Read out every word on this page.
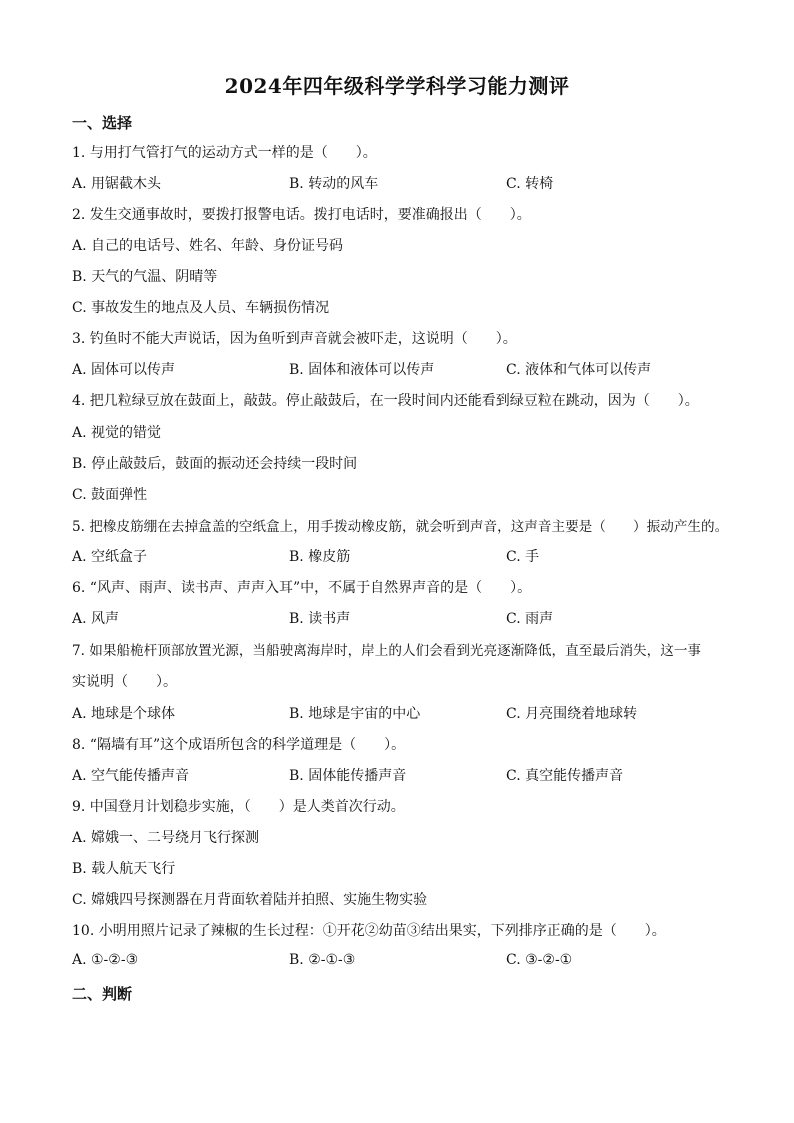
2024年四年级科学学科学习能力测评
一、选择
1. 与用打气管打气的运动方式一样的是（　　）。
A. 用锯截木头	B. 转动的风车	C. 转椅
2. 发生交通事故时，要拨打报警电话。拨打电话时，要准确报出（　　）。
A. 自己的电话号、姓名、年龄、身份证号码
B. 天气的气温、阴晴等
C. 事故发生的地点及人员、车辆损伤情况
3. 钓鱼时不能大声说话，因为鱼听到声音就会被吓走，这说明（　　）。
A. 固体可以传声	B. 固体和液体可以传声	C. 液体和气体可以传声
4. 把几粒绿豆放在鼓面上，敲鼓。停止敲鼓后，在一段时间内还能看到绿豆粒在跳动，因为（　　）。
A. 视觉的错觉
B. 停止敲鼓后，鼓面的振动还会持续一段时间
C. 鼓面弹性
5. 把橡皮筋绷在去掉盒盖的空纸盒上，用手拨动橡皮筋，就会听到声音，这声音主要是（　　）振动产生的。
A. 空纸盒子	B. 橡皮筋	C. 手
6. “风声、雨声、读书声、声声入耳”中，不属于自然界声音的是（　　）。
A. 风声	B. 读书声	C. 雨声
7. 如果船桅杆顶部放置光源，当船驶离海岸时，岸上的人们会看到光亮逐渐降低，直至最后消失，这一事
实说明（　　）。
A. 地球是个球体	B. 地球是宇宙的中心	C. 月亮围绕着地球转
8. “隔墙有耳”这个成语所包含的科学道理是（　　）。
A. 空气能传播声音	B. 固体能传播声音	C. 真空能传播声音
9. 中国登月计划稳步实施，（　　）是人类首次行动。
A. 嫦娥一、二号绕月飞行探测
B. 载人航天飞行
C. 嫦娥四号探测器在月背面软着陆并拍照、实施生物实验
10. 小明用照片记录了辣椒的生长过程：①开花②幼苗③结出果实，下列排序正确的是（　　）。
A. ①-②-③	B. ②-①-③	C. ③-②-①
二、判断
